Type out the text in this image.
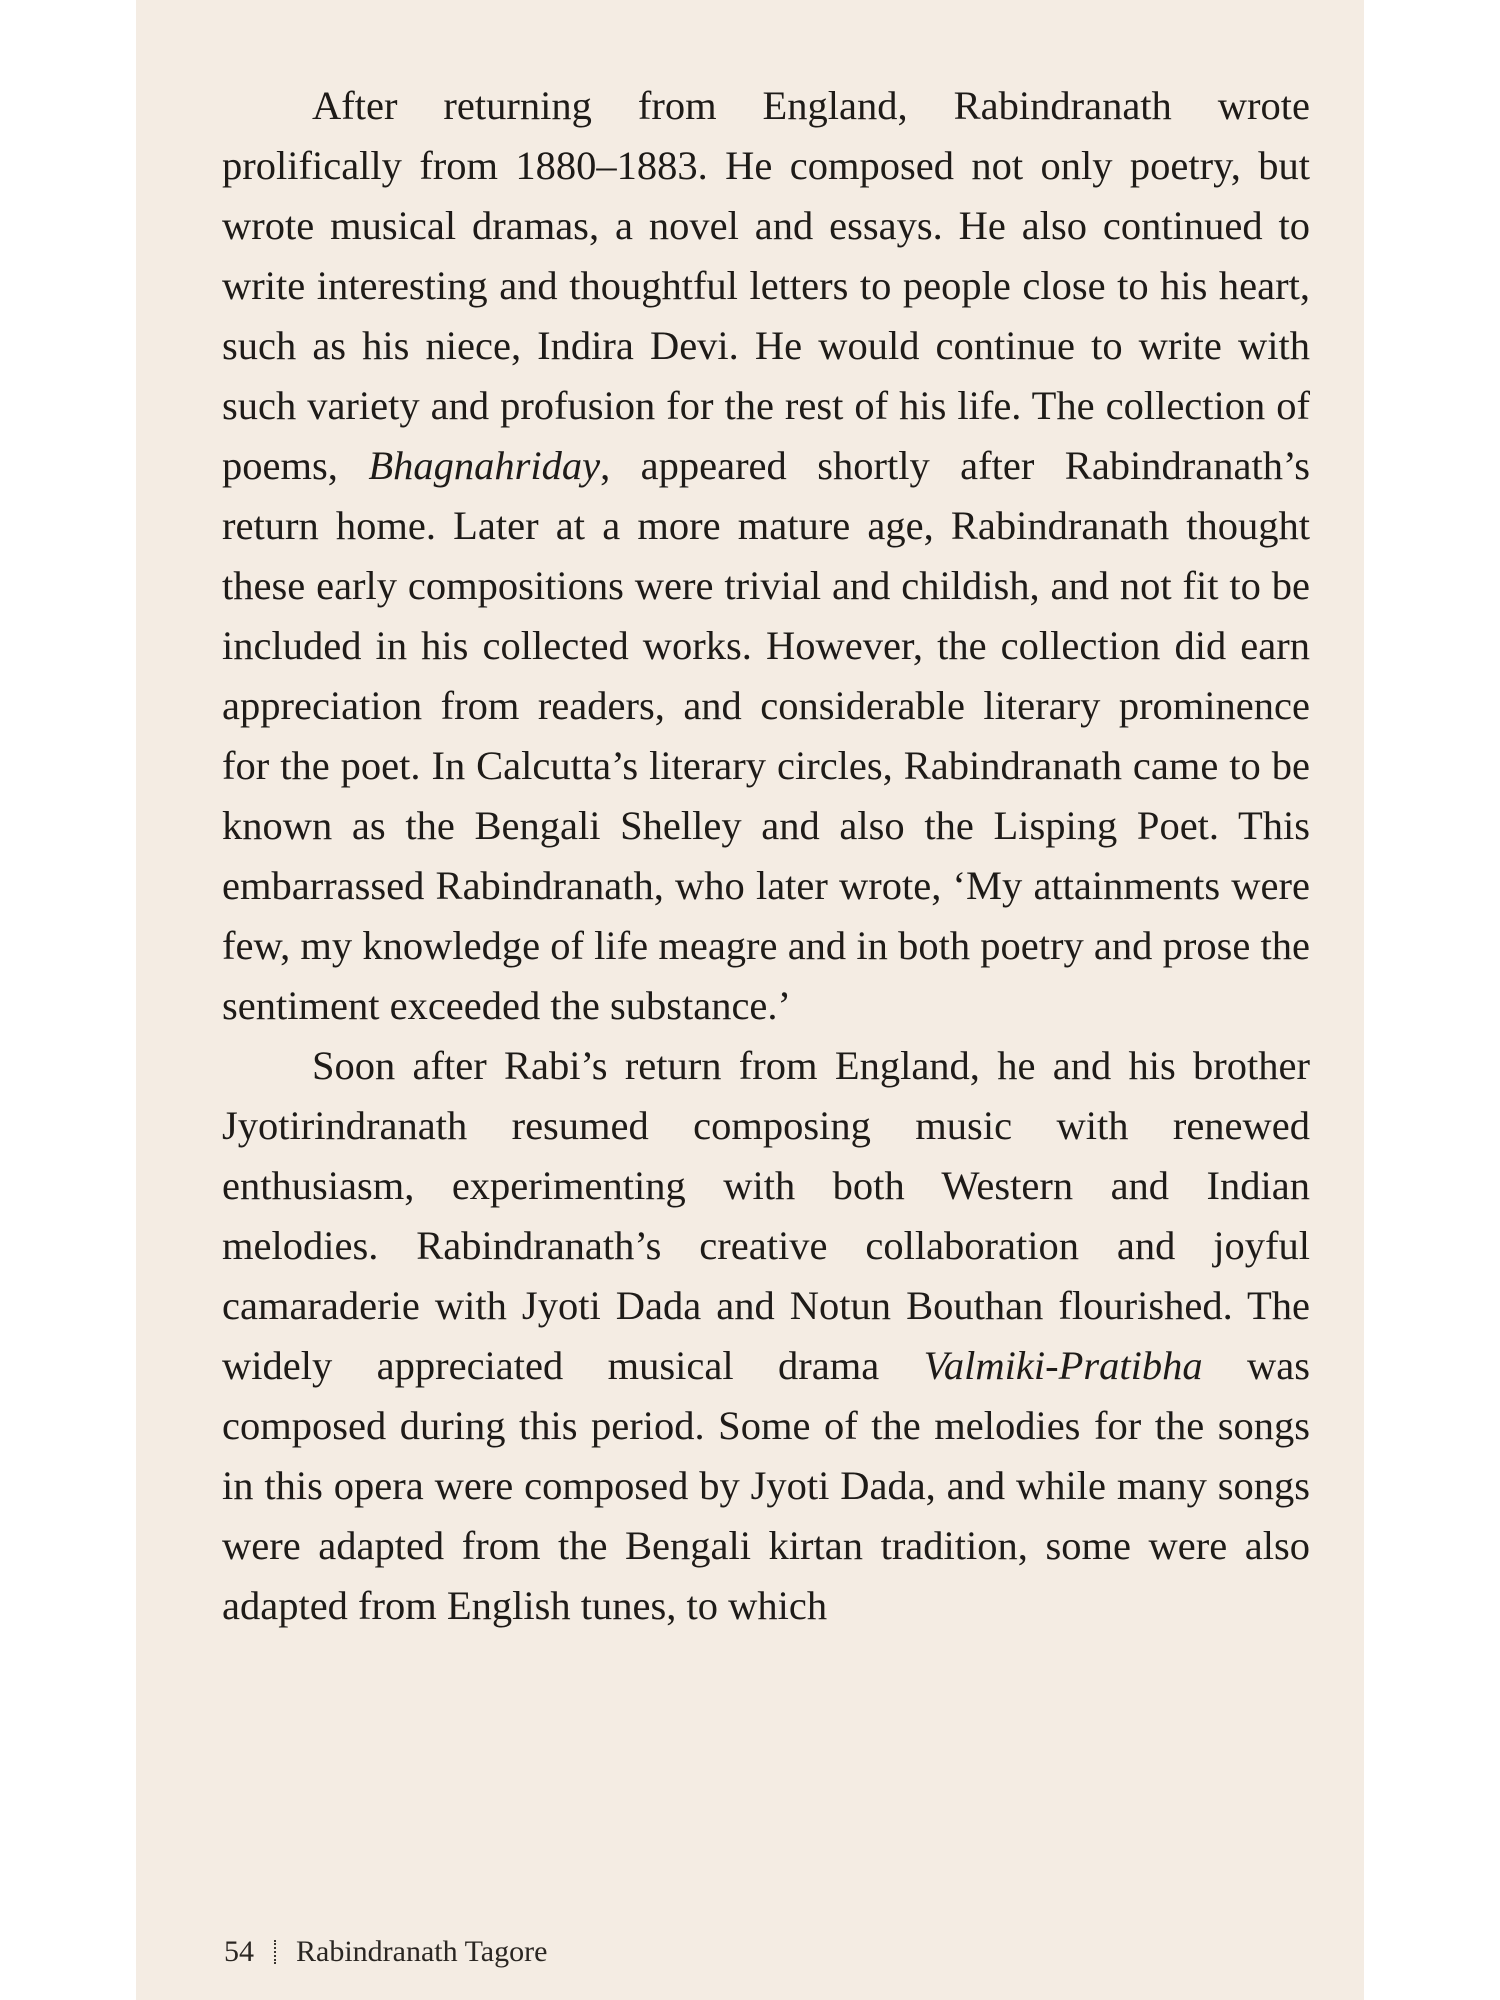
After returning from England, Rabindranath wrote prolifically from 1880–1883. He composed not only poetry, but wrote musical dramas, a novel and essays. He also continued to write interesting and thoughtful letters to people close to his heart, such as his niece, Indira Devi. He would continue to write with such variety and profusion for the rest of his life. The collection of poems, Bhagnahriday, appeared shortly after Rabindranath’s return home. Later at a more mature age, Rabindranath thought these early compositions were trivial and childish, and not fit to be included in his collected works. However, the collection did earn appreciation from readers, and considerable literary prominence for the poet. In Calcutta’s literary circles, Rabindranath came to be known as the Bengali Shelley and also the Lisping Poet. This embarrassed Rabindranath, who later wrote, ‘My attainments were few, my knowledge of life meagre and in both poetry and prose the sentiment exceeded the substance.’

Soon after Rabi’s return from England, he and his brother Jyotirindranath resumed composing music with renewed enthusiasm, experimenting with both Western and Indian melodies. Rabindranath’s creative collaboration and joyful camaraderie with Jyoti Dada and Notun Bouthan flourished. The widely appreciated musical drama Valmiki-Pratibha was composed during this period. Some of the melodies for the songs in this opera were composed by Jyoti Dada, and while many songs were adapted from the Bengali kirtan tradition, some were also adapted from English tunes, to which

54 Rabindranath Tagore
